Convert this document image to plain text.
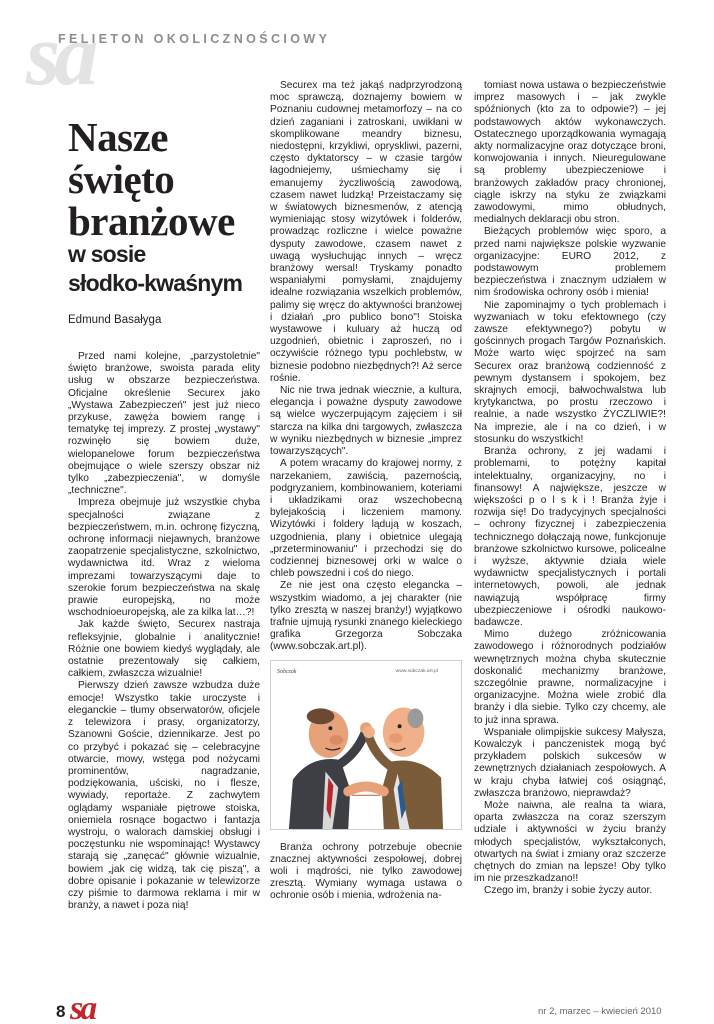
sa
FELIETON OKOLICZNOŚCIOWY
Nasze
święto
branżowe
w sosie
słodko-kwaśnym
Edmund Basałyga

Przed nami kolejne, „parzystoletnie" święto branżowe, swoista parada elity usług w obszarze bezpieczeństwa. Oficjalne określenie Securex jako „Wystawa Zabezpieczeń" jest już nieco przykuse, zawęża bowiem rangę i tematykę tej imprezy. Z prostej „wystawy" rozwinęło się bowiem duże, wielopanelowe forum bezpieczeństwa obejmujące o wiele szerszy obszar niż tylko „zabezpieczenia", w domyśle „techniczne".

Impreza obejmuje już wszystkie chyba specjalności związane z bezpieczeństwem, m.in. ochronę fizyczną, ochronę informacji niejawnych, branżowe zaopatrzenie specjalistyczne, szkolnictwo, wydawnictwa itd. Wraz z wieloma imprezami towarzyszącymi daje to szerokie forum bezpieczeństwa na skalę prawie europejską, no może wschodnioeuropejską, ale za kilka lat…?!

Jak każde święto, Securex nastraja refleksyjnie, globalnie i analitycznie! Różnie one bowiem kiedyś wyglądały, ale ostatnie prezentowały się całkiem, całkiem, zwłaszcza wizualnie!

Pierwszy dzień zawsze wzbudza duże emocje! Wszystko takie uroczyste i eleganckie – tłumy obserwatorów, oficjele z telewizora i prasy, organizatorzy, Szanowni Goście, dziennikarze. Jest po co przybyć i pokazać się – celebracyjne otwarcie, mowy, wstęga pod nożycami prominentów, nagradzanie, podziękowania, uściski, no i flesze, wywiady, reportaże. Z zachwytem oglądamy wspaniałe piętrowe stoiska, oniemiela rosnące bogactwo i fantazja wystroju, o walorach damskiej obsługi i poczęstunku nie wspominając! Wystawcy starają się „zanęcać" głównie wizualnie, bowiem „jak cię widzą, tak cię piszą", a dobre opisanie i pokazanie w telewizorze czy piśmie to darmowa reklama i mir w branży, a nawet i poza nią!

Securex ma też jakąś nadprzyrodzoną moc sprawczą, doznajemy bowiem w Poznaniu cudownej metamorfozy – na co dzień zaganiani i zatroskani, uwikłani w skomplikowane meandry biznesu, niedostępni, krzykliwi, opryskliwi, pazerni, często dyktatorscy – w czasie targów łagodniejemy, uśmiechamy się i emanujemy życzliwością zawodową, czasem nawet ludzką! Przeistaczamy się w światowych biznesmenów, z atencją wymieniając stosy wizytówek i folderów, prowadząc rozliczne i wielce poważne dysputy zawodowe, czasem nawet z uwagą wysłuchując innych – wręcz branżowy wersal! Tryskamy ponadto wspaniałymi pomysłami, znajdujemy idealne rozwiązania wszelkich problemów, palimy się wręcz do aktywności branżowej i działań „pro publico bono"! Stoiska wystawowe i kuluary aż huczą od uzgodnień, obietnic i zaproszeń, no i oczywiście różnego typu pochlebstw, w biznesie podobno niezbędnych?! Aż serce rośnie.

Nic nie trwa jednak wiecznie, a kultura, elegancja i poważne dysputy zawodowe są wielce wyczerpującym zajęciem i sił starcza na kilka dni targowych, zwłaszcza w wyniku niezbędnych w biznesie „imprez towarzyszących".

A potem wracamy do krajowej normy, z narzekaniem, zawiścią, pazernością, podgryzaniem, kombinowaniem, koteriami i układzikami oraz wszechobecną bylejakością i liczeniem mamony. Wizytówki i foldery lądują w koszach, uzgodnienia, plany i obietnice ulegają „przeterminowaniu" i przechodzi się do codziennej biznesowej orki w walce o chleb powszedni i coś do niego.

Ze nie jest ona często elegancka – wszystkim wiadomo, a jej charakter (nie tylko zresztą w naszej branży!) wyjątkowo trafnie ujmują rysunki znanego kieleckiego grafika Grzegorza Sobczaka (www.sobczak.art.pl).

Sobczak	www.sobczak.art.pl

Branża ochrony potrzebuje obecnie znacznej aktywności zespołowej, dobrej woli i mądrości, nie tylko zawodowej zresztą. Wymiany wymaga ustawa o ochronie osób i mienia, wdrożenia na-

tomiast nowa ustawa o bezpieczeństwie imprez masowych i – jak zwykle spóźnionych (kto za to odpowie?) – jej podstawowych aktów wykonawczych. Ostatecznego uporządkowania wymagają akty normalizacyjne oraz dotyczące broni, konwojowania i innych. Nieuregulowane są problemy ubezpieczeniowe i branżowych zakładów pracy chronionej, ciągle iskrzy na styku ze związkami zawodowymi, mimo obłudnych, medialnych deklaracji obu stron.

Bieżących problemów więc sporo, a przed nami największe polskie wyzwanie organizacyjne: EURO 2012, z podstawowym problemem bezpieczeństwa i znacznym udziałem w nim środowiska ochrony osób i mienia!

Nie zapominajmy o tych problemach i wyzwaniach w toku efektownego (czy zawsze efektywnego?) pobytu w gościnnych progach Targów Poznańskich. Może warto więc spojrzeć na sam Securex oraz branżową codzienność z pewnym dystansem i spokojem, bez skrajnych emocji, bałwochwalstwa lub krytykanctwa, po prostu rzeczowo i realnie, a nade wszystko ŻYCZLIWIE?! Na imprezie, ale i na co dzień, i w stosunku do wszystkich!

Branża ochrony, z jej wadami i problemami, to potężny kapitał intelektualny, organizacyjny, no i finansowy! A największe, jeszcze w większości p o l s k i ! Branża żyje i rozwija się! Do tradycyjnych specjalności – ochrony fizycznej i zabezpieczenia technicznego dołączają nowe, funkcjonuje branżowe szkolnictwo kursowe, policealne i wyższe, aktywnie działa wiele wydawnictw specjalistycznych i portali internetowych, powoli, ale jednak nawiązują współpracę firmy ubezpieczeniowe i ośrodki naukowo-badawcze.

Mimo dużego zróżnicowania zawodowego i różnorodnych podziałów wewnętrznych można chyba skutecznie doskonalić mechanizmy branżowe, szczególnie prawne, normalizacyjne i organizacyjne. Można wiele zrobić dla branży i dla siebie. Tylko czy chcemy, ale to już inna sprawa.

Wspaniałe olimpijskie sukcesy Małysza, Kowalczyk i panczenistek mogą być przykładem polskich sukcesów w zewnętrznych działaniach zespołowych. A w kraju chyba łatwiej coś osiągnąć, zwłaszcza branżowo, nieprawdaż?

Może naiwna, ale realna ta wiara, oparta zwłaszcza na coraz szerszym udziale i aktywności w życiu branży młodych specjalistów, wykształconych, otwartych na świat i zmiany oraz szczerze chętnych do zmian na lepsze! Oby tylko im nie przeszkadzano!!

Czego im, branży i sobie życzy autor.

8 sa	nr 2, marzec – kwiecień 2010
